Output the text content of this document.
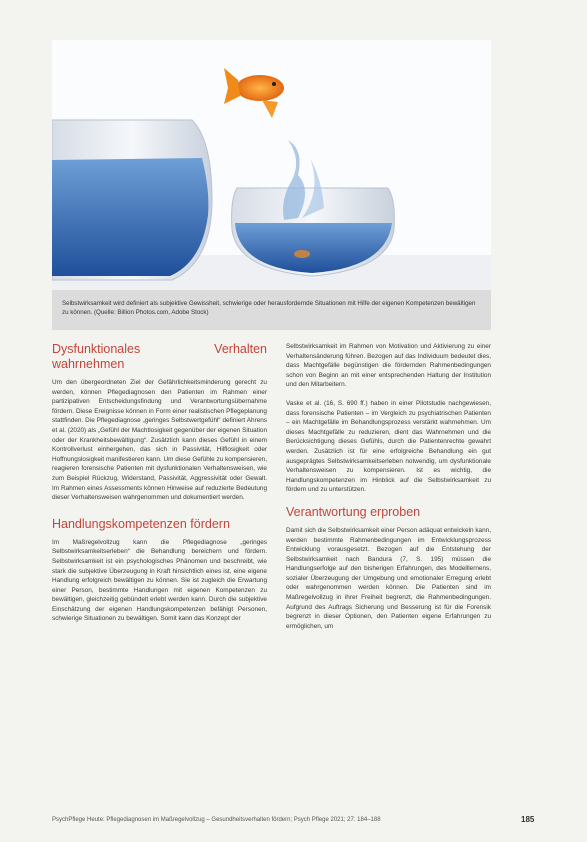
Selbstwirksamkeit wird definiert als subjektive Gewissheit, schwierige oder herausfordernde Situationen mit Hilfe der eigenen Kompetenzen bewältigen zu können. (Quelle: Billion Photos.com, Adobe Stock)
Dysfunktionales Verhalten wahrnehmen

Um den übergeordneten Ziel der Gefährlichkeitsminderung gerecht zu werden, können Pflegediagnosen den Patienten im Rahmen einer partizipativen Entscheidungsfindung und Verantwortungsübernahme fördern. Diese Ereignisse können in Form einer realistischen Pflegeplanung stattfinden. Die Pflegediagnose „geringes Selbstwertgefühl“ definiert Ahrens et al. (2020) als „Gefühl der Machtlosigkeit gegenüber der eigenen Situation oder der Krankheitsbewältigung“. Zusätzlich kann dieses Gefühl in einem Kontrollverlust einhergehen, das sich in Passivität, Hilflosigkeit oder Hoffnungslosigkeit manifestieren kann. Um diese Gefühle zu kompensieren, reagieren forensische Patienten mit dysfunktionalen Verhaltensweisen, wie zum Beispiel Rückzug, Widerstand, Passivität, Aggressivität oder Gewalt. Im Rahmen eines Assessments können Hinweise auf reduzierte Bedeutung dieser Verhaltensweisen wahrgenommen und dokumentiert werden.

Handlungskompetenzen fördern

Im Maßregelvollzug kann die Pflegediagnose „geringes Selbstwirksamkeitserleben“ die Behandlung bereichern und fördern. Selbstwirksamkeit ist ein psychologisches Phänomen und beschreibt, wie stark die subjektive Überzeugung in Kraft hinsichtlich eines ist, eine eigene Handlung erfolgreich bewältigen zu können. Sie ist zugleich die Erwartung einer Person, bestimmte Handlungen mit eigenen Kompetenzen zu bewältigen, gleichzeitig gebündelt erlebt werden kann. Durch die subjektive Einschätzung der eigenen Handlungskompetenzen befähigt Personen, schwierige Situationen zu bewältigen. Somit kann das Konzept der

Selbstwirksamkeit im Rahmen von Motivation und Aktivierung zu einer Verhaltensänderung führen. Bezogen auf das Individuum bedeutet dies, dass Machtgefälle begünstigen die fördernden Rahmenbedingungen schon von Beginn an mit einer entsprechenden Haltung der Institution und den Mitarbeitern.

Vaske et al. (16, S. 690 ff.) haben in einer Pilotstudie nachgewiesen, dass forensische Patienten – im Vergleich zu psychiatrischen Patienten – ein Machtgefälle im Behandlungsprozess verstärkt wahrnehmen. Um dieses Machtgefälle zu reduzieren, dient das Wahrnehmen und die Berücksichtigung dieses Gefühls, durch die Patientenrechte gewahrt werden. Zusätzlich ist für eine erfolgreiche Behandlung ein gut ausgeprägtes Selbstwirksamkeitserleben notwendig, um dysfunktionale Verhaltensweisen zu kompensieren. Ist es wichtig, die Handlungskompetenzen im Hinblick auf die Selbstwirksamkeit zu fördern und zu unterstützen.

Verantwortung erproben

Damit sich die Selbstwirksamkeit einer Person adäquat entwickeln kann, werden bestimmte Rahmenbedingungen im Entwicklungsprozess Entwicklung vorausgesetzt. Bezogen auf die Entstehung der Selbstwirksamkeit nach Bandura (7, S. 195) müssen die Handlungserfolge auf den bisherigen Erfahrungen, des Modelllernens, sozialer Überzeugung der Umgebung und emotionaler Erregung erlebt oder wahrgenommen werden können. Die Patienten sind im Maßregelvollzug in ihrer Freiheit begrenzt, die Rahmenbedingungen. Aufgrund des Auftrags Sicherung und Besserung ist für die Forensik begrenzt in dieser Optionen, den Patienten eigene Erfahrungen zu ermöglichen, um

PsychPflege Heute: Pflegediagnosen im Maßregelvollzug – Gesundheitsverhalten fördern; Psych Pflege 2021; 27: 184–188	185
